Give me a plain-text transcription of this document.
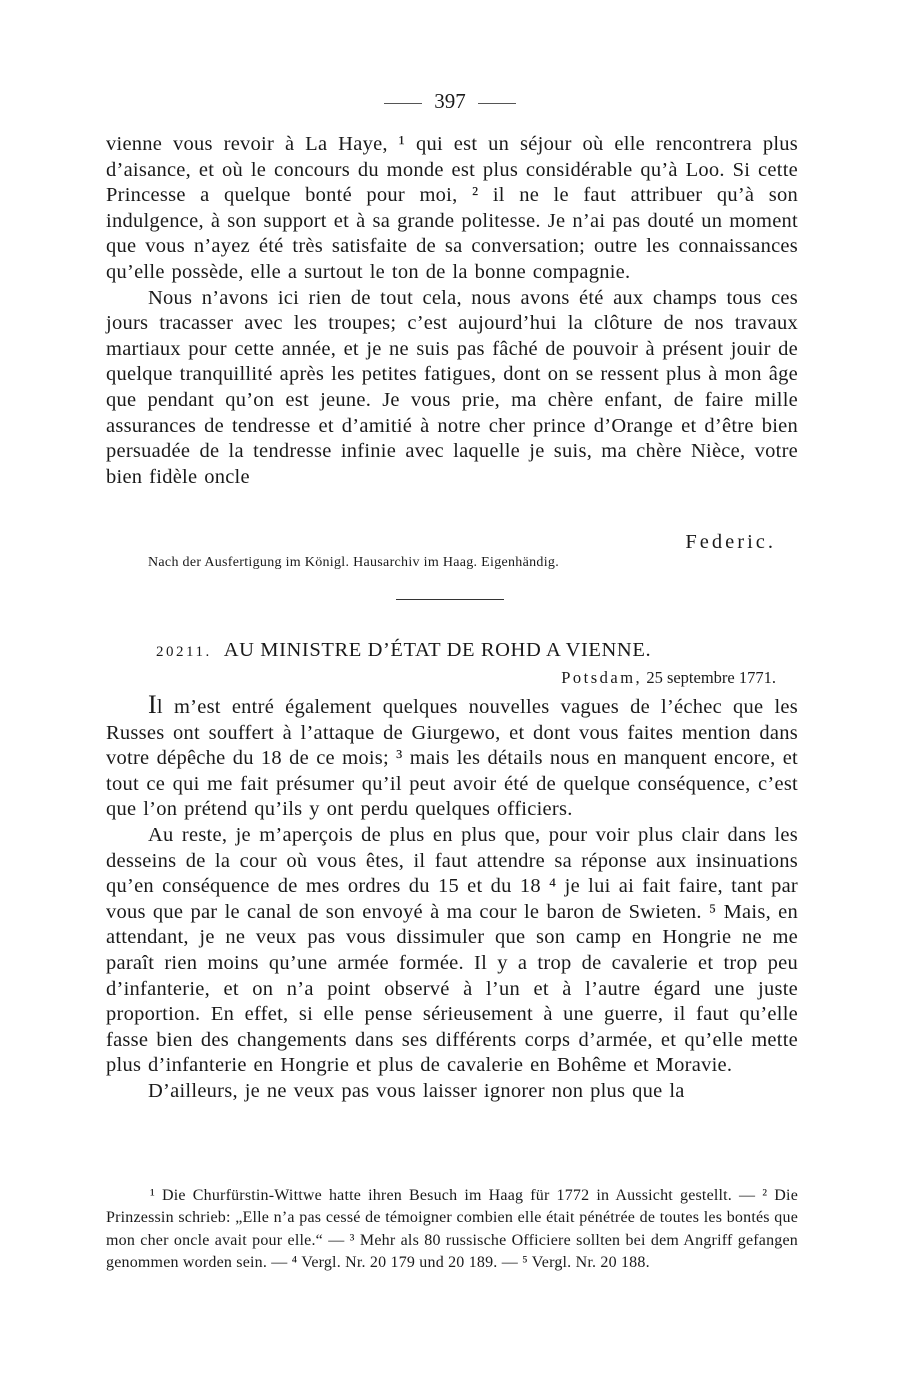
397

vienne vous revoir à La Haye, ¹ qui est un séjour où elle rencontrera plus d’aisance, et où le concours du monde est plus considérable qu’à Loo. Si cette Princesse a quelque bonté pour moi, ² il ne le faut attribuer qu’à son indulgence, à son support et à sa grande politesse. Je n’ai pas douté un moment que vous n’ayez été très satisfaite de sa conversation; outre les connaissances qu’elle possède, elle a surtout le ton de la bonne compagnie.

Nous n’avons ici rien de tout cela, nous avons été aux champs tous ces jours tracasser avec les troupes; c’est aujourd’hui la clôture de nos travaux martiaux pour cette année, et je ne suis pas fâché de pouvoir à présent jouir de quelque tranquillité après les petites fatigues, dont on se ressent plus à mon âge que pendant qu’on est jeune. Je vous prie, ma chère enfant, de faire mille assurances de tendresse et d’amitié à notre cher prince d’Orange et d’être bien persuadée de la tendresse infinie avec laquelle je suis, ma chère Nièce, votre bien fidèle oncle

Federic.
Nach der Ausfertigung im Königl. Hausarchiv im Haag. Eigenhändig.
20211. AU MINISTRE D’ÉTAT DE ROHD A VIENNE.
Potsdam, 25 septembre 1771.

Il m’est entré également quelques nouvelles vagues de l’échec que les Russes ont souffert à l’attaque de Giurgewo, et dont vous faites mention dans votre dépêche du 18 de ce mois; ³ mais les détails nous en manquent encore, et tout ce qui me fait présumer qu’il peut avoir été de quelque conséquence, c’est que l’on prétend qu’ils y ont perdu quelques officiers.

Au reste, je m’aperçois de plus en plus que, pour voir plus clair dans les desseins de la cour où vous êtes, il faut attendre sa réponse aux insinuations qu’en conséquence de mes ordres du 15 et du 18 ⁴ je lui ai fait faire, tant par vous que par le canal de son envoyé à ma cour le baron de Swieten. ⁵ Mais, en attendant, je ne veux pas vous dissimuler que son camp en Hongrie ne me paraît rien moins qu’une armée formée. Il y a trop de cavalerie et trop peu d’infanterie, et on n’a point observé à l’un et à l’autre égard une juste proportion. En effet, si elle pense sérieusement à une guerre, il faut qu’elle fasse bien des changements dans ses différents corps d’armée, et qu’elle mette plus d’infanterie en Hongrie et plus de cavalerie en Bohême et Moravie.

D’ailleurs, je ne veux pas vous laisser ignorer non plus que la

¹ Die Churfürstin-Wittwe hatte ihren Besuch im Haag für 1772 in Aussicht gestellt. — ² Die Prinzessin schrieb: „Elle n’a pas cessé de témoigner combien elle était pénétrée de toutes les bontés que mon cher oncle avait pour elle.“ — ³ Mehr als 80 russische Officiere sollten bei dem Angriff gefangen genommen worden sein. — ⁴ Vergl. Nr. 20 179 und 20 189. — ⁵ Vergl. Nr. 20 188.
